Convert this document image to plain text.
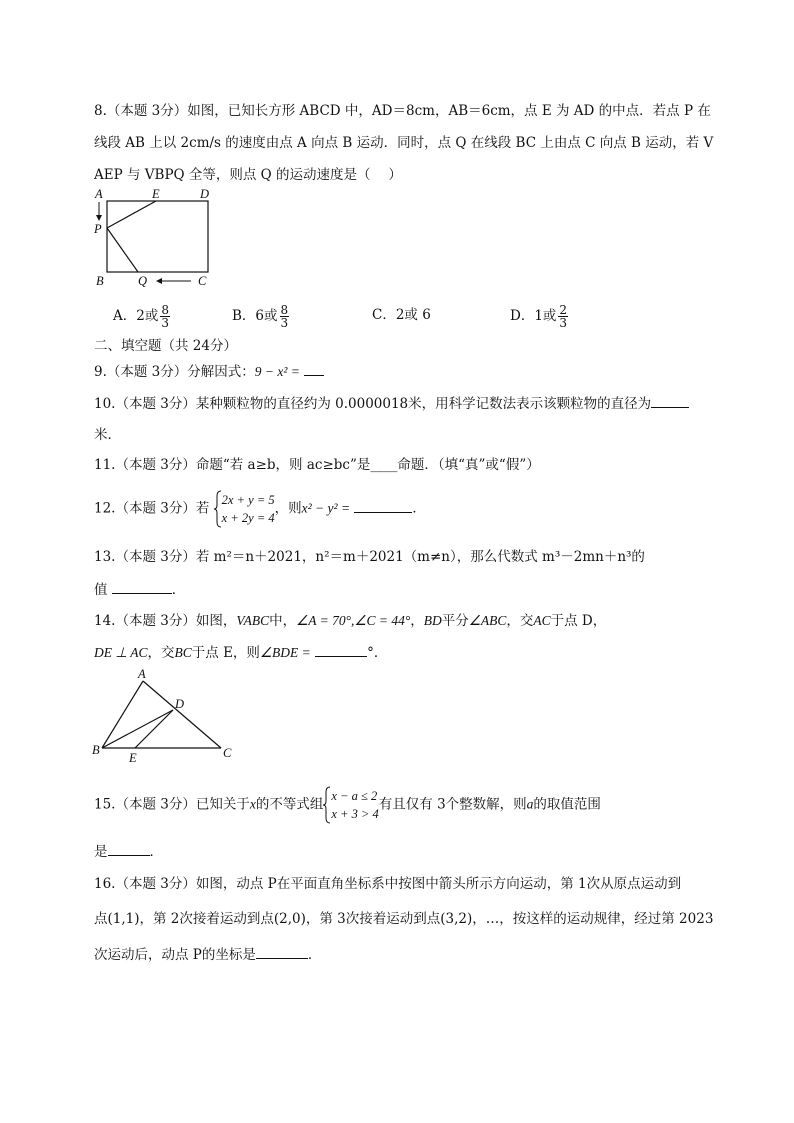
8.（本题 3分）如图，已知长方形 ABCD 中，AD＝8cm，AB＝6cm，点 E 为 AD 的中点．若点 P 在
线段 AB 上以 2cm/s 的速度由点 A 向点 B 运动．同时，点 Q 在线段 BC 上由点 C 向点 B 运动，若 V
AEP 与 VBPQ 全等，则点 Q 的运动速度是（　 ）
A	E	D
P
B	Q	C
A．2或 $\frac{8}{3}$	B．6或 $\frac{8}{3}$	C．2或 6	D．1或 $\frac{2}{3}$
二、填空题（共 24分）
9.（本题 3分）分解因式：9 − x² =
10.（本题 3分）某种颗粒物的直径约为 0.0000018米，用科学记数法表示该颗粒物的直径为
米．
11.（本题 3分）命题“若 a≥b，则 ac≥bc”是____命题．（填“真”或“假”）
12.（本题 3分）若
2x + y = 5
x + 2y = 4
，则x² − y² =	．
13.（本题 3分）若 m²＝n＋2021，n²＝m＋2021（m≠n），那么代数式 m³－2mn＋n³的
值	．
14.（本题 3分）如图，VABC中，∠A = 70°,∠C = 44°，BD平分∠ABC，交AC于点 D，
DE ⊥ AC，交BC于点 E，则∠BDE =	°．
A
D
B
E	C
15.（本题 3分）已知关于x的不等式组
x − a ≤ 2
x + 3 > 4
有且仅有 3个整数解，则a的取值范围
是	．
16.（本题 3分）如图，动点 P在平面直角坐标系中按图中箭头所示方向运动，第 1次从原点运动到
点(1,1)，第 2次接着运动到点(2,0)，第 3次接着运动到点(3,2)，…，按这样的运动规律，经过第 2023
次运动后，动点 P的坐标是	．
